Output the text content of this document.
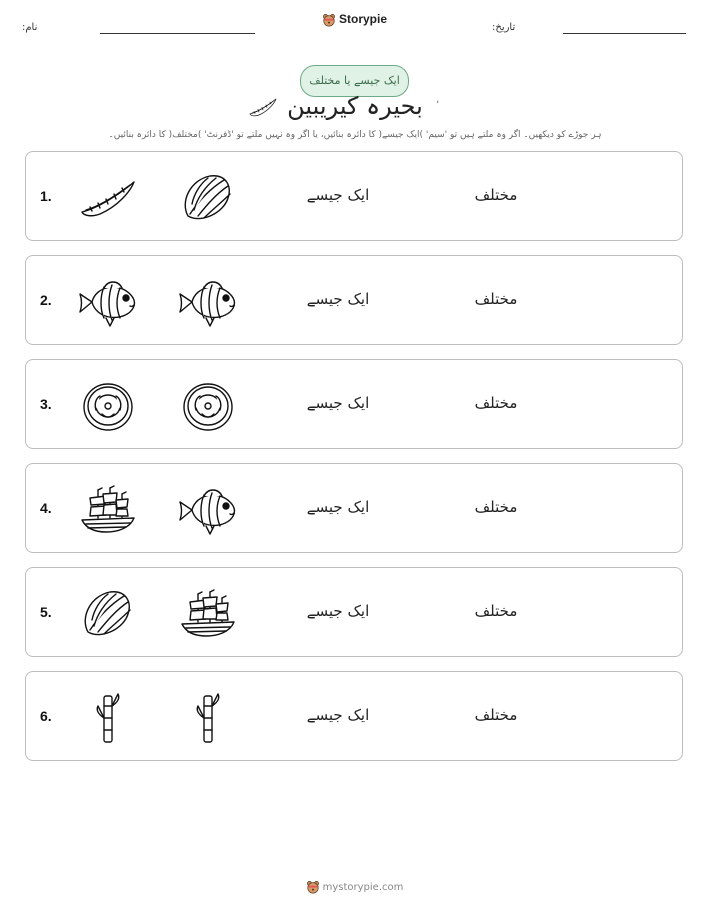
نام:
Storypie
تاریخ:
ایک جیسے یا مختلف
بحیرہ کیریبین
ہر جوڑے کو دیکھیں۔ اگر وہ ملتے ہیں تو 'سیم' )ایک جیسے( کا دائرہ بنائیں، یا اگر وہ نہیں ملتے تو 'ڈفرنٹ' )مختلف( کا دائرہ بنائیں۔
1.	ایک جیسے	مختلف
2.	ایک جیسے	مختلف
3.	ایک جیسے	مختلف
4.	ایک جیسے	مختلف
5.	ایک جیسے	مختلف
6.	ایک جیسے	مختلف
mystorypie.com
